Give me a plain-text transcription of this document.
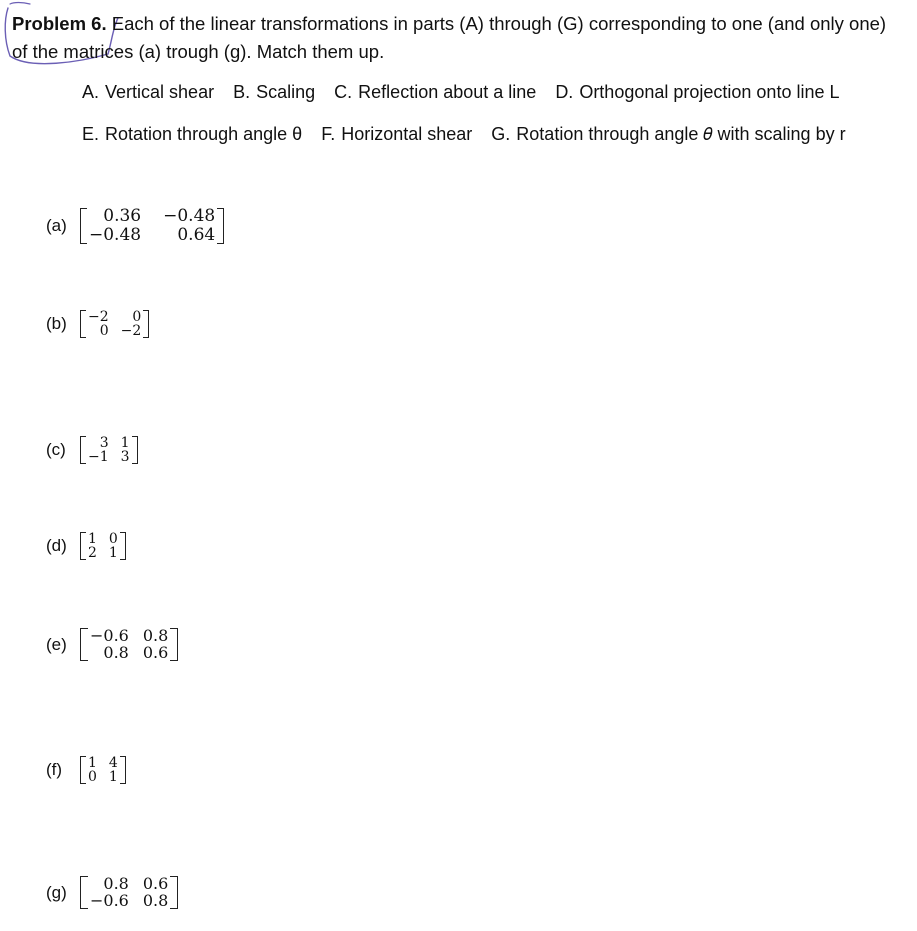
Problem 6. Each of the linear transformations in parts (A) through (G) corresponding to one (and only one) of the matrices (a) trough (g). Match them up.
A. Vertical shear B. Scaling C. Reflection about a line D. Orthogonal projection onto line L
E. Rotation through angle θ F. Horizontal shear G. Rotation through angle 𝜃 with scaling by r
(a)	0.36 −0.48
−0.48	0.64
(b)	−2	0
0 −2
(c)	3 1
−1 3
(d)	1 0
2 1
(e)	−0.6 0.8
0.8 0.6
(f)	1 4
0 1
(g)	0.8 0.6
−0.6 0.8
